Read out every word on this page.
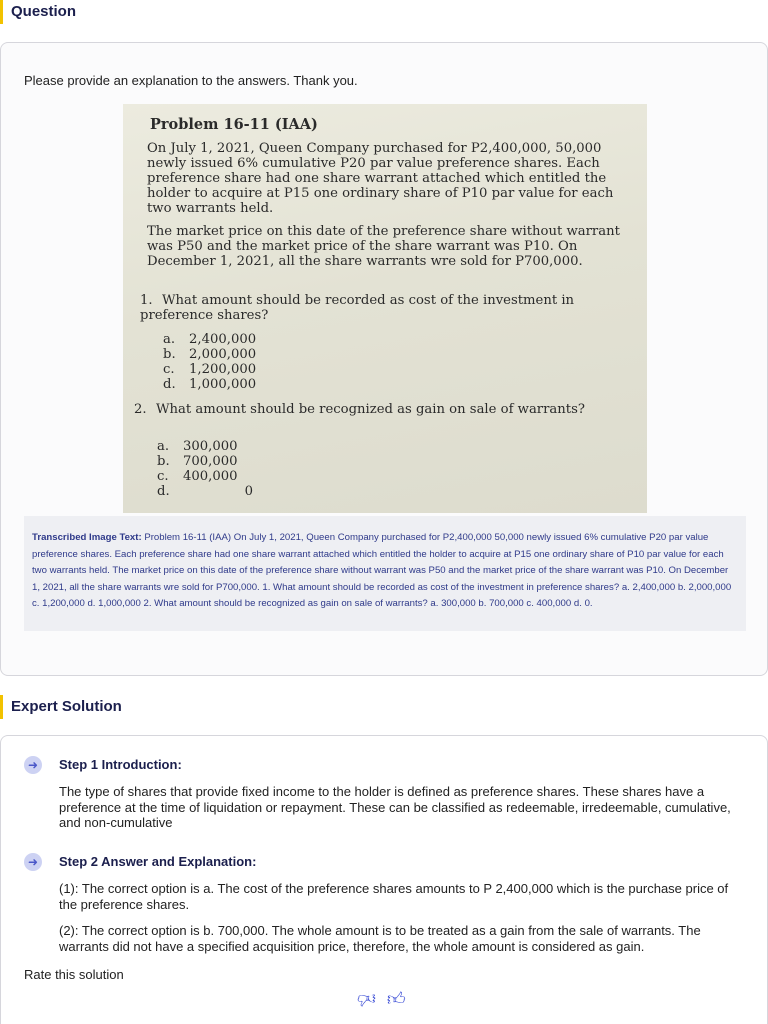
Question
Please provide an explanation to the answers. Thank you.
Problem 16-11 (IAA)
On July 1, 2021, Queen Company purchased for P2,400,000, 50,000 newly issued 6% cumulative P20 par value preference shares. Each preference share had one share warrant attached which entitled the holder to acquire at P15 one ordinary share of P10 par value for each two warrants held.
The market price on this date of the preference share without warrant was P50 and the market price of the share warrant was P10. On December 1, 2021, all the share warrants wre sold for P700,000.
1. What amount should be recorded as cost of the investment in preference shares?
a. 2,400,000
b. 2,000,000
c. 1,200,000
d. 1,000,000
2. What amount should be recognized as gain on sale of warrants?
a. 300,000
b. 700,000
c. 400,000
d.	0
Transcribed Image Text: Problem 16-11 (IAA) On July 1, 2021, Queen Company purchased for P2,400,000 50,000 newly issued 6% cumulative P20 par value preference shares. Each preference share had one share warrant attached which entitled the holder to acquire at P15 one ordinary share of P10 par value for each two warrants held. The market price on this date of the preference share without warrant was P50 and the market price of the share warrant was P10. On December 1, 2021, all the share warrants wre sold for P700,000. 1. What amount should be recorded as cost of the investment in preference shares? a. 2,400,000 b. 2,000,000 c. 1,200,000 d. 1,000,000 2. What amount should be recognized as gain on sale of warrants? a. 300,000 b. 700,000 c. 400,000 d. 0.
Expert Solution
➜	Step 1 Introduction:
The type of shares that provide fixed income to the holder is defined as preference shares. These shares have a preference at the time of liquidation or repayment. These can be classified as redeemable, irredeemable, cumulative, and non-cumulative
➜	Step 2 Answer and Explanation:
(1): The correct option is a. The cost of the preference shares amounts to P 2,400,000 which is the purchase price of the preference shares.
(2): The correct option is b. 700,000. The whole amount is to be treated as a gain from the sale of warrants. The warrants did not have a specified acquisition price, therefore, the whole amount is considered as gain.
Rate this solution
👍︎ 👍︎
